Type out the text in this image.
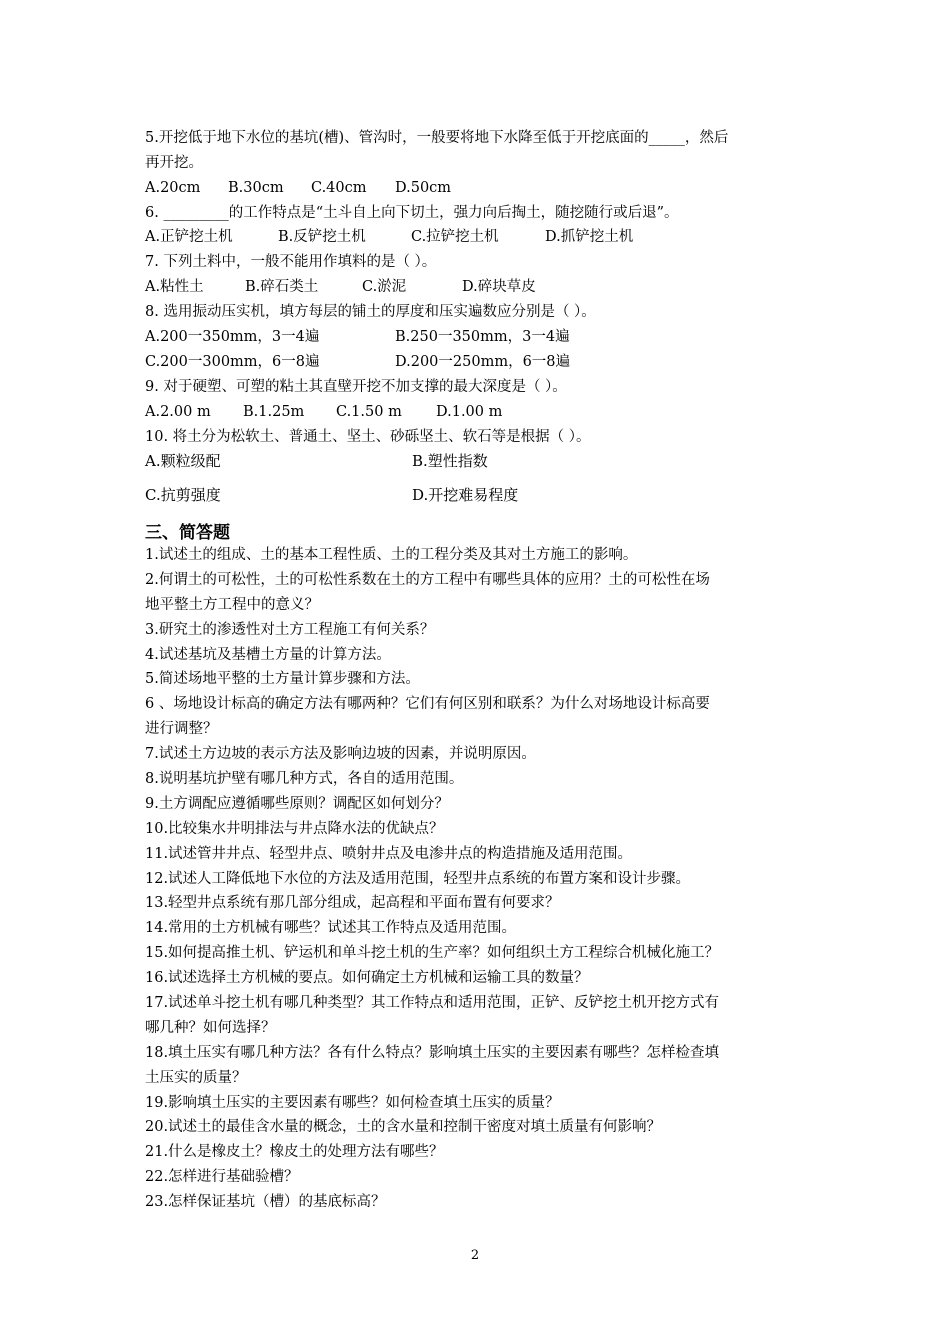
5.开挖低于地下水位的基坑(槽)、管沟时，一般要将地下水降至低于开挖底面的_____，然后
再开挖。
A.20cm B.30cm C.40cm D.50cm
6. _________的工作特点是“土斗自上向下切土，强力向后掏土，随挖随行或后退”。
A.正铲挖土机	B.反铲挖土机	C.拉铲挖土机	D.抓铲挖土机
7. 下列土料中，一般不能用作填料的是（ ）。
A.粘性土	B.碎石类土	C.淤泥	D.碎块草皮
8. 选用振动压实机，填方每层的铺土的厚度和压实遍数应分别是（ ）。
A.200一350mm，3一4遍	B.250一350mm，3一4遍
C.200一300mm，6一8遍	D.200一250mm，6一8遍
9. 对于硬塑、可塑的粘土其直壁开挖不加支撑的最大深度是（ ）。
A.2.00 m B.1.25m C.1.50 m D.1.00 m
10. 将土分为松软土、普通土、坚土、砂砾坚土、软石等是根据（ ）。
A.颗粒级配	B.塑性指数
C.抗剪强度	D.开挖难易程度
三、简答题
1.试述土的组成、土的基本工程性质、土的工程分类及其对土方施工的影响。
2.何谓土的可松性，土的可松性系数在土的方工程中有哪些具体的应用？土的可松性在场
地平整土方工程中的意义？
3.研究土的渗透性对土方工程施工有何关系？
4.试述基坑及基槽土方量的计算方法。
5.简述场地平整的土方量计算步骤和方法。
6 、场地设计标高的确定方法有哪两种？它们有何区别和联系？为什么对场地设计标高要
进行调整？
7.试述土方边坡的表示方法及影响边坡的因素，并说明原因。
8.说明基坑护壁有哪几种方式，各自的适用范围。
9.土方调配应遵循哪些原则？调配区如何划分？
10.比较集水井明排法与井点降水法的优缺点？
11.试述管井井点、轻型井点、喷射井点及电渗井点的构造措施及适用范围。
12.试述人工降低地下水位的方法及适用范围，轻型井点系统的布置方案和设计步骤。
13.轻型井点系统有那几部分组成，起高程和平面布置有何要求？
14.常用的土方机械有哪些？试述其工作特点及适用范围。
15.如何提高推土机、铲运机和单斗挖土机的生产率？如何组织土方工程综合机械化施工？
16.试述选择土方机械的要点。如何确定土方机械和运输工具的数量？
17.试述单斗挖土机有哪几种类型？其工作特点和适用范围，正铲、反铲挖土机开挖方式有
哪几种？如何选择？
18.填土压实有哪几种方法？各有什么特点？影响填土压实的主要因素有哪些？怎样检查填
土压实的质量？
19.影响填土压实的主要因素有哪些？如何检查填土压实的质量？
20.试述土的最佳含水量的概念，土的含水量和控制干密度对填土质量有何影响？
21.什么是橡皮土？橡皮土的处理方法有哪些？
22.怎样进行基础验槽？
23.怎样保证基坑（槽）的基底标高？
2
